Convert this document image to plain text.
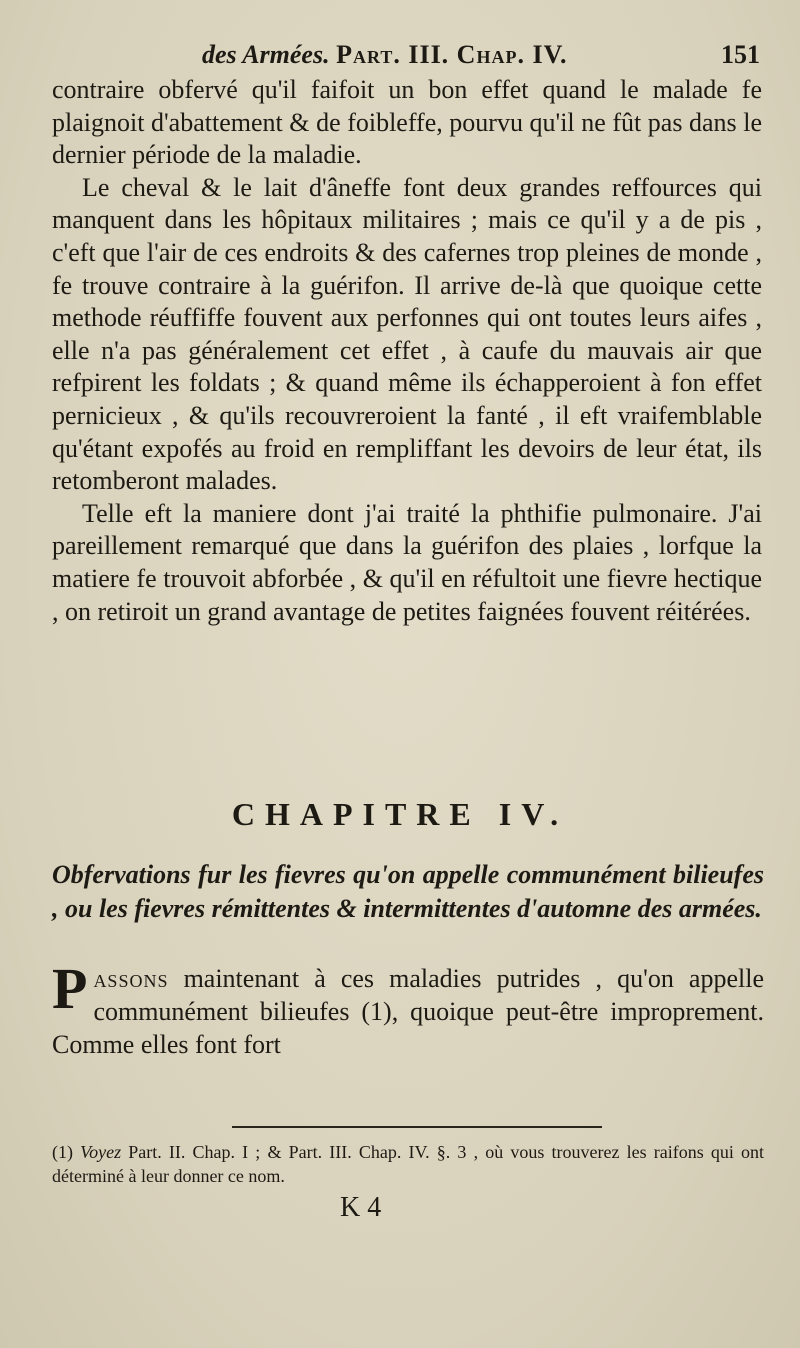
des Armées. Part. III. Chap. IV.	151

contraire obfervé qu'il faifoit un bon effet quand le malade fe plaignoit d'abattement & de foibleffe, pourvu qu'il ne fût pas dans le dernier période de la maladie.

Le cheval & le lait d'âneffe font deux grandes reffources qui manquent dans les hôpitaux militaires ; mais ce qu'il y a de pis , c'eft que l'air de ces endroits & des cafernes trop pleines de monde , fe trouve contraire à la guérifon. Il arrive de-là que quoique cette methode réuffiffe fouvent aux perfonnes qui ont toutes leurs aifes , elle n'a pas généralement cet effet , à caufe du mauvais air que refpirent les foldats ; & quand même ils échapperoient à fon effet pernicieux , & qu'ils recouvreroient la fanté , il eft vraifemblable qu'étant expofés au froid en rempliffant les devoirs de leur état, ils retomberont malades.

Telle eft la maniere dont j'ai traité la phthifie pulmonaire. J'ai pareillement remarqué que dans la guérifon des plaies , lorfque la matiere fe trouvoit abforbée , & qu'il en réfultoit une fievre hectique , on retiroit un grand avantage de petites faignées fouvent réitérées.

CHAPITRE IV.
Obfervations fur les fievres qu'on appelle communément bilieufes , ou les fievres rémittentes & intermittentes d'automne des armées.
Passons maintenant à ces maladies putrides , qu'on appelle communément bilieufes (1), quoique peut-être improprement. Comme elles font fort
(1) Voyez Part. II. Chap. I ; & Part. III. Chap. IV. §. 3 , où vous trouverez les raifons qui ont déterminé à leur donner ce nom.
K 4
